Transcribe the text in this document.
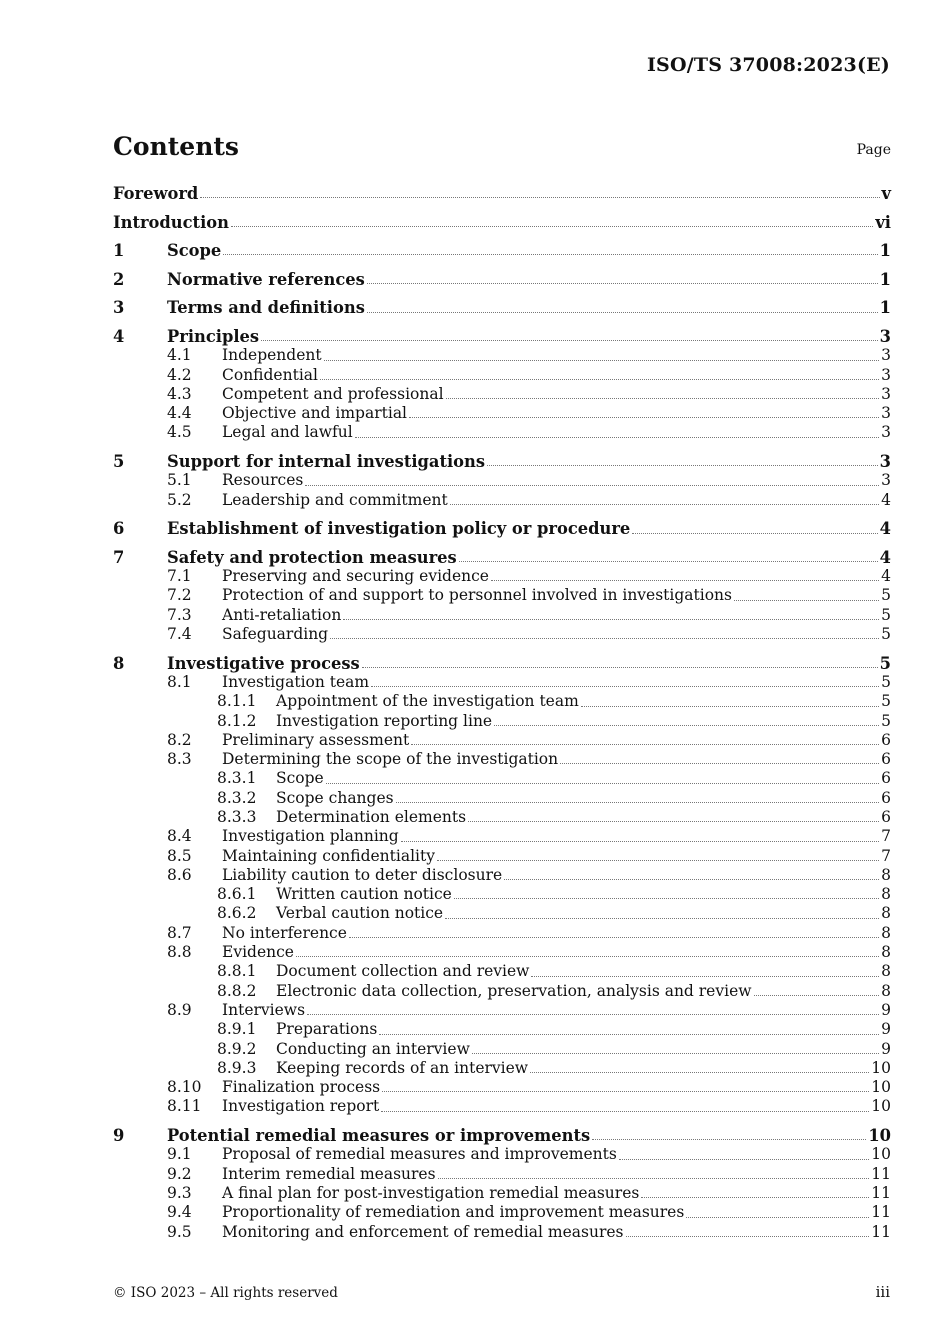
ISO/TS 37008:2023(E)
Contents	Page
Foreword	v
Introduction	vi
1	Scope	1
2	Normative references	1
3	Terms and definitions	1
4	Principles	3
4.1	Independent	3
4.2	Confidential	3
4.3	Competent and professional	3
4.4	Objective and impartial	3
4.5	Legal and lawful	3
5	Support for internal investigations	3
5.1	Resources	3
5.2	Leadership and commitment	4
6	Establishment of investigation policy or procedure	4
7	Safety and protection measures	4
7.1	Preserving and securing evidence	4
7.2	Protection of and support to personnel involved in investigations	5
7.3	Anti-retaliation	5
7.4	Safeguarding	5
8	Investigative process	5
8.1	Investigation team	5
8.1.1	Appointment of the investigation team	5
8.1.2	Investigation reporting line	5
8.2	Preliminary assessment	6
8.3	Determining the scope of the investigation	6
8.3.1	Scope	6
8.3.2	Scope changes	6
8.3.3	Determination elements	6
8.4	Investigation planning	7
8.5	Maintaining confidentiality	7
8.6	Liability caution to deter disclosure	8
8.6.1	Written caution notice	8
8.6.2	Verbal caution notice	8
8.7	No interference	8
8.8	Evidence	8
8.8.1	Document collection and review	8
8.8.2	Electronic data collection, preservation, analysis and review	8
8.9	Interviews	9
8.9.1	Preparations	9
8.9.2	Conducting an interview	9
8.9.3	Keeping records of an interview	10
8.10	Finalization process	10
8.11	Investigation report	10
9	Potential remedial measures or improvements	10
9.1	Proposal of remedial measures and improvements	10
9.2	Interim remedial measures	11
9.3	A final plan for post-investigation remedial measures	11
9.4	Proportionality of remediation and improvement measures	11
9.5	Monitoring and enforcement of remedial measures	11
© ISO 2023 – All rights reserved	iii
